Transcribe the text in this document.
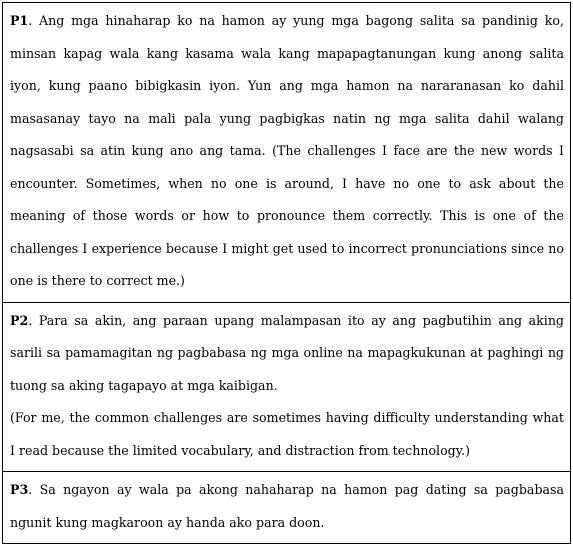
P1. Ang mga hinaharap ko na hamon ay yung mga bagong salita sa pandinig ko, minsan kapag wala kang kasama wala kang mapapagtanungan kung anong salita iyon, kung paano bibigkasin iyon. Yun ang mga hamon na nararanasan ko dahil masasanay tayo na mali pala yung pagbigkas natin ng mga salita dahil walang nagsasabi sa atin kung ano ang tama. (The challenges I face are the new words I encounter. Sometimes, when no one is around, I have no one to ask about the meaning of those words or how to pronounce them correctly. This is one of the challenges I experience because I might get used to incorrect pronunciations since no one is there to correct me.)

P2. Para sa akin, ang paraan upang malampasan ito ay ang pagbutihin ang aking sarili sa pamamagitan ng pagbabasa ng mga online na mapagkukunan at paghingi ng tuong sa aking tagapayo at mga kaibigan.

(For me, the common challenges are sometimes having difficulty understanding what I read because the limited vocabulary, and distraction from technology.)

P3. Sa ngayon ay wala pa akong nahaharap na hamon pag dating sa pagbabasa ngunit kung magkaroon ay handa ako para doon.
